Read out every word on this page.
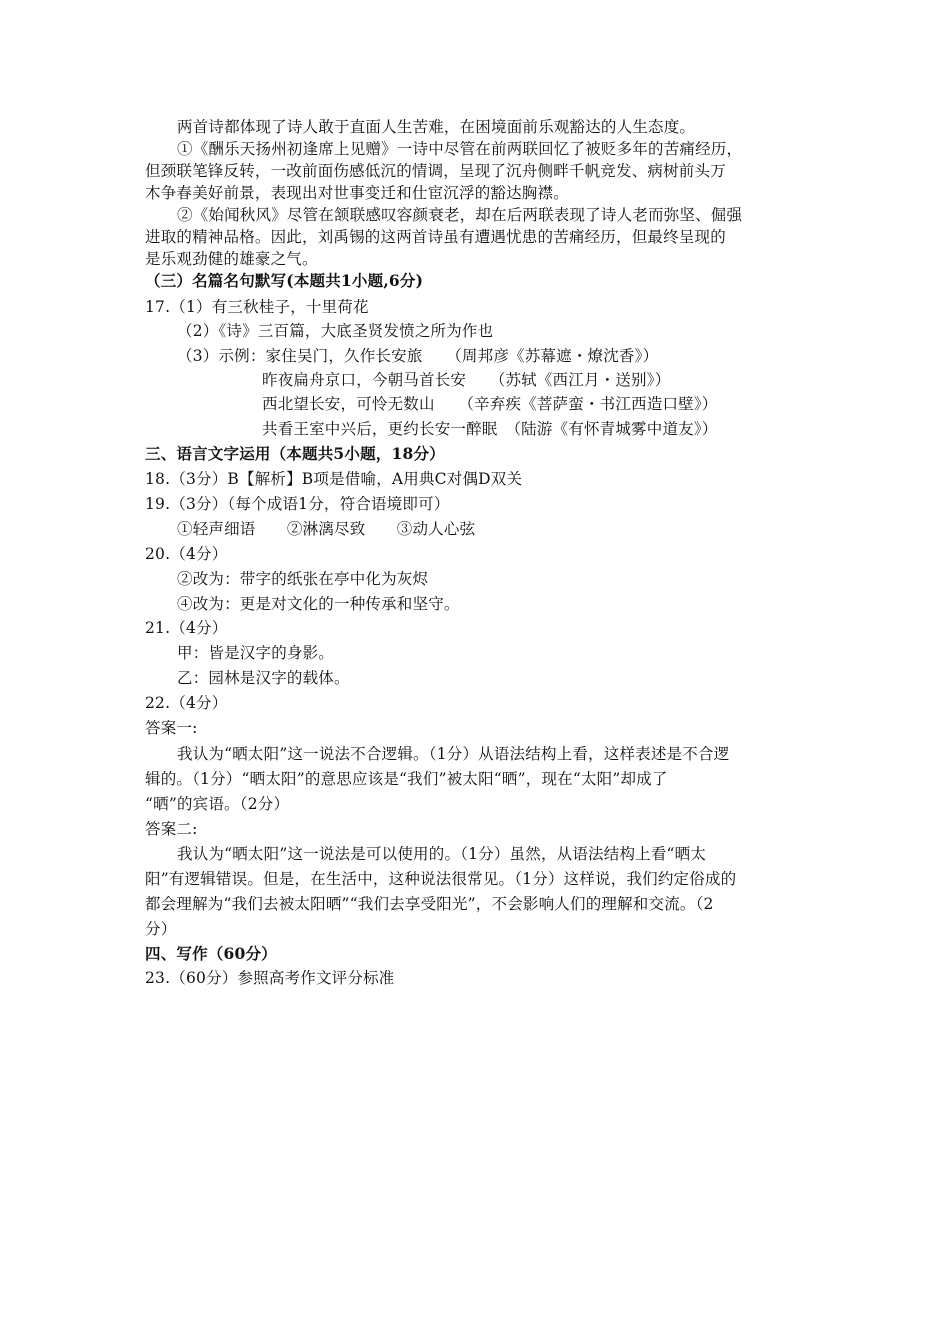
两首诗都体现了诗人敢于直面人生苦难，在困境面前乐观豁达的人生态度。
①《酬乐天扬州初逢席上见赠》一诗中尽管在前两联回忆了被贬多年的苦痛经历，
但颈联笔锋反转，一改前面伤感低沉的情调，呈现了沉舟侧畔千帆竞发、病树前头万
木争春美好前景，表现出对世事变迁和仕宦沉浮的豁达胸襟。
②《始闻秋风》尽管在颔联感叹容颜衰老，却在后两联表现了诗人老而弥坚、倔强
进取的精神品格。因此，刘禹锡的这两首诗虽有遭遇忧患的苦痛经历，但最终呈现的
是乐观劲健的雄豪之气。
（三）名篇名句默写(本题共1小题,6分)
17.（1）有三秋桂子，十里荷花
（2）《诗》三百篇，大底圣贤发愤之所为作也
（3）示例：家住吴门，久作长安旅　　（周邦彦《苏幕遮・燎沈香》）
昨夜扁舟京口，今朝马首长安　　（苏轼《西江月・送别》）
西北望长安，可怜无数山　　（辛弃疾《菩萨蛮・书江西造口壁》）
共看王室中兴后，更约长安一醉眠　（陆游《有怀青城雾中道友》）
三、语言文字运用（本题共5小题，18分）
18.（3分）B【解析】B项是借喻，A用典C对偶D双关
19.（3分）（每个成语1分，符合语境即可）
①轻声细语　　②淋漓尽致　　③动人心弦
20.（4分）
②改为：带字的纸张在亭中化为灰烬
④改为：更是对文化的一种传承和坚守。
21.（4分）
甲：皆是汉字的身影。
乙：园林是汉字的载体。
22.（4分）
答案一:
我认为“晒太阳”这一说法不合逻辑。（1分）从语法结构上看，这样表述是不合逻
辑的。（1分）“晒太阳”的意思应该是“我们”被太阳“晒”，现在“太阳”却成了
“晒”的宾语。（2分）
答案二:
我认为“晒太阳”这一说法是可以使用的。（1分）虽然，从语法结构上看“晒太
阳”有逻辑错误。但是，在生活中，这种说法很常见。（1分）这样说，我们约定俗成的
都会理解为“我们去被太阳晒”“我们去享受阳光”，不会影响人们的理解和交流。（2
分）
四、写作（60分）
23.（60分）参照高考作文评分标准
